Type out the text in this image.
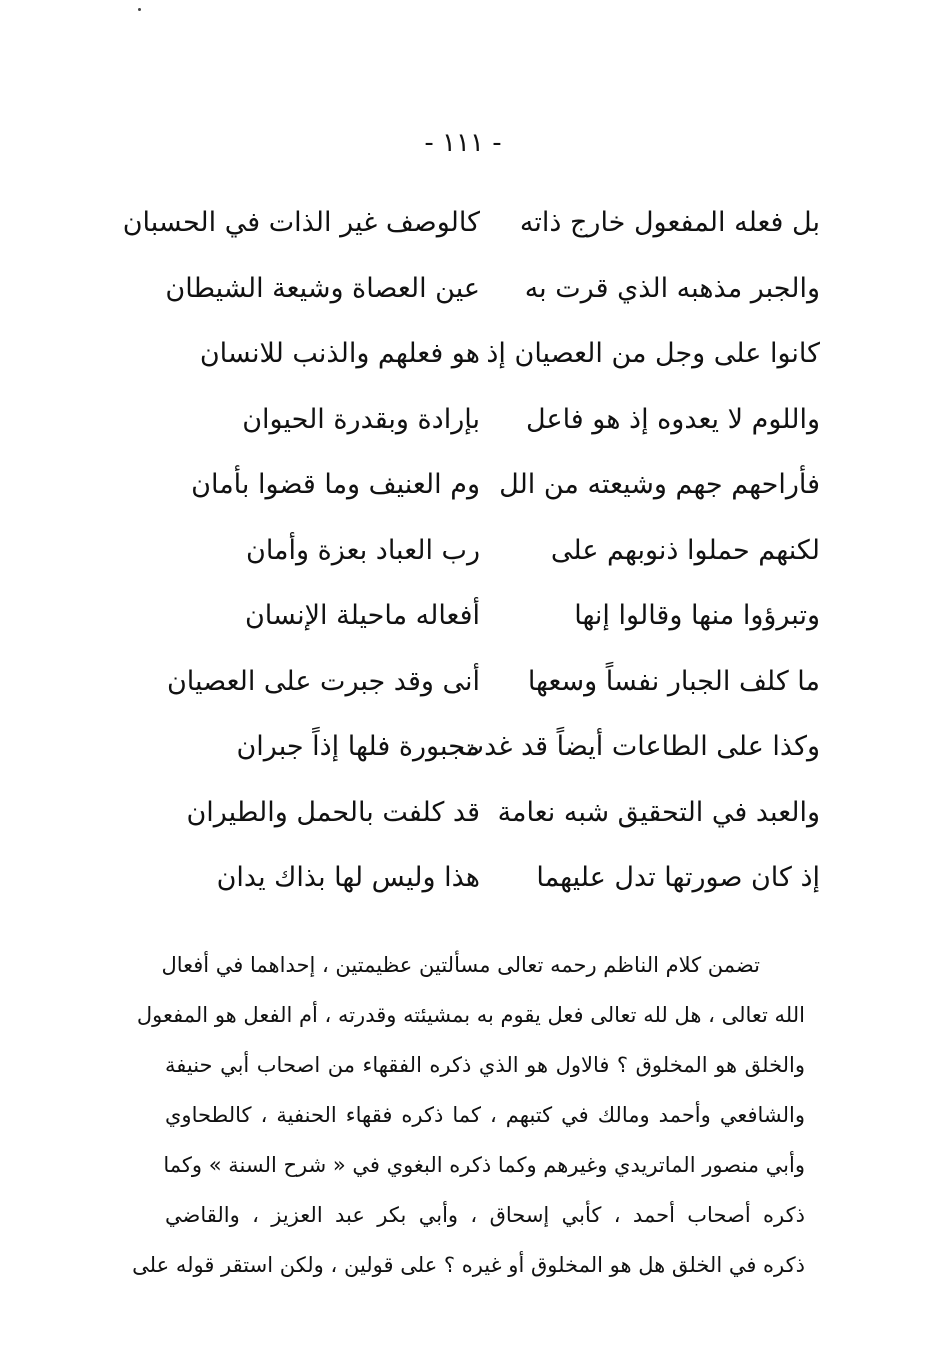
- ١١١ -
بل فعله المفعول خارج ذاته
كالوصف غير الذات في الحسبان
والجبر مذهبه الذي قرت به
عين العصاة وشيعة الشيطان
كانوا على وجل من العصيان إذ
هو فعلهم والذنب للانسان
واللوم لا يعدوه إذ هو فاعل
بإرادة وبقدرة الحيوان
فأراحهم جهم وشيعته من الل
وم العنيف وما قضوا بأمان
لكنهم حملوا ذنوبهم على
رب العباد بعزة وأمان
وتبرؤوا منها وقالوا إنها
أفعاله ماحيلة الإنسان
ما كلف الجبار نفساً وسعها
أنى وقد جبرت على العصيان
وكذا على الطاعات أيضاً قد غدت
مجبورة فلها إذاً جبران
والعبد في التحقيق شبه نعامة
قد كلفت بالحمل والطيران
إذ كان صورتها تدل عليهما
هذا وليس لها بذاك يدان
تضمن كلام الناظم رحمه تعالى مسألتين عظيمتين ، إحداهما في أفعال
الله تعالى ، هل لله تعالى فعل يقوم به بمشيئته وقدرته ، أم الفعل هو المفعول
والخلق هو المخلوق ؟ فالاول هو الذي ذكره الفقهاء من اصحاب أبي حنيفة
والشافعي وأحمد ومالك في كتبهم ، كما ذكره فقهاء الحنفية ، كالطحاوي
وأبي منصور الماتريدي وغيرهم وكما ذكره البغوي في « شرح السنة » وكما
ذكره أصحاب أحمد ، كأبي إسحاق ، وأبي بكر عبد العزيز ، والقاضي
ذكره في الخلق هل هو المخلوق أو غيره ؟ على قولين ، ولكن استقر قوله على
